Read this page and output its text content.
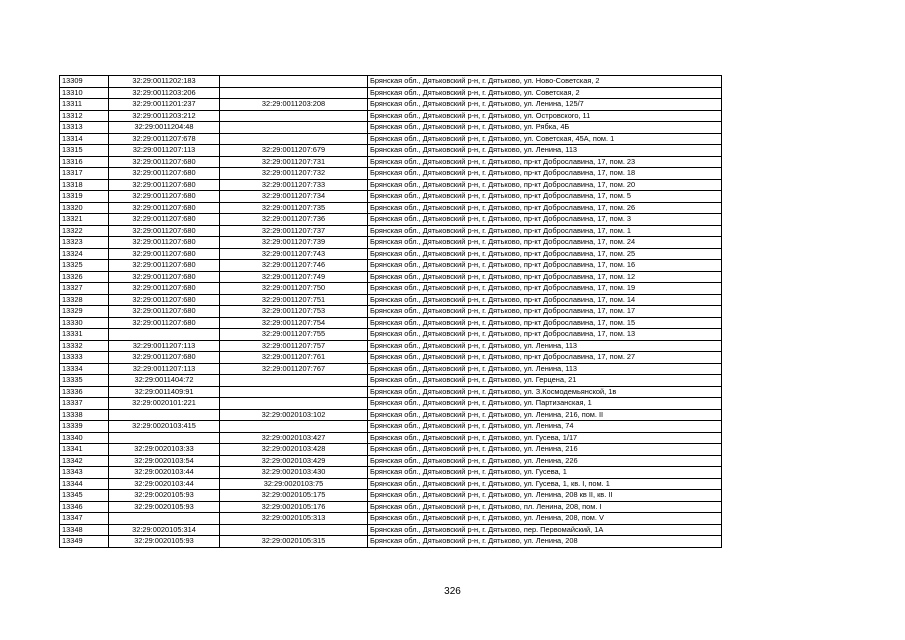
13309	32:29:0011202:183		Брянская обл., Дятьковский р-н, г. Дятьково, ул. Ново-Советская, 2
13310	32:29:0011203:206		Брянская обл., Дятьковский р-н, г. Дятьково, ул. Советская, 2
13311	32:29:0011201:237	32:29:0011203:208	Брянская обл., Дятьковский р-н, г. Дятьково, ул. Ленина, 125/7
13312	32:29:0011203:212		Брянская обл., Дятьковский р-н, г. Дятьково, ул. Островского, 11
13313	32:29:0011204:48		Брянская обл., Дятьковский р-н, г. Дятьково, ул. Рябка, 4Б
13314	32:29:0011207:678		Брянская обл., Дятьковский р-н, г. Дятьково, ул. Советская, 45А, пом. 1
13315	32:29:0011207:113	32:29:0011207:679	Брянская обл., Дятьковский р-н, г. Дятьково, ул. Ленина, 113
13316	32:29:0011207:680	32:29:0011207:731	Брянская обл., Дятьковский р-н, г. Дятьково, пр-кт Доброславина, 17, пом. 23
13317	32:29:0011207:680	32:29:0011207:732	Брянская обл., Дятьковский р-н, г. Дятьково, пр-кт Доброславина, 17, пом. 18
13318	32:29:0011207:680	32:29:0011207:733	Брянская обл., Дятьковский р-н, г. Дятьково, пр-кт Доброславина, 17, пом. 20
13319	32:29:0011207:680	32:29:0011207:734	Брянская обл., Дятьковский р-н, г. Дятьково, пр-кт Доброславина, 17, пом. 5
13320	32:29:0011207:680	32:29:0011207:735	Брянская обл., Дятьковский р-н, г. Дятьково, пр-кт Доброславина, 17, пом. 26
13321	32:29:0011207:680	32:29:0011207:736	Брянская обл., Дятьковский р-н, г. Дятьково, пр-кт Доброславина, 17, пом. 3
13322	32:29:0011207:680	32:29:0011207:737	Брянская обл., Дятьковский р-н, г. Дятьково, пр-кт Доброславина, 17, пом. 1
13323	32:29:0011207:680	32:29:0011207:739	Брянская обл., Дятьковский р-н, г. Дятьково, пр-кт Доброславина, 17, пом. 24
13324	32:29:0011207:680	32:29:0011207:743	Брянская обл., Дятьковский р-н, г. Дятьково, пр-кт Доброславина, 17, пом. 25
13325	32:29:0011207:680	32:29:0011207:746	Брянская обл., Дятьковский р-н, г. Дятьково, пр-кт Доброславина, 17, пом. 16
13326	32:29:0011207:680	32:29:0011207:749	Брянская обл., Дятьковский р-н, г. Дятьково, пр-кт Доброславина, 17, пом. 12
13327	32:29:0011207:680	32:29:0011207:750	Брянская обл., Дятьковский р-н, г. Дятьково, пр-кт Доброславина, 17, пом. 19
13328	32:29:0011207:680	32:29:0011207:751	Брянская обл., Дятьковский р-н, г. Дятьково, пр-кт Доброславина, 17, пом. 14
13329	32:29:0011207:680	32:29:0011207:753	Брянская обл., Дятьковский р-н, г. Дятьково, пр-кт Доброславина, 17, пом. 17
13330	32:29:0011207:680	32:29:0011207:754	Брянская обл., Дятьковский р-н, г. Дятьково, пр-кт Доброславина, 17, пом. 15
13331		32:29:0011207:755	Брянская обл., Дятьковский р-н, г. Дятьково, пр-кт Доброславина, 17, пом. 13
13332	32:29:0011207:113	32:29:0011207:757	Брянская обл., Дятьковский р-н, г. Дятьково, ул. Ленина, 113
13333	32:29:0011207:680	32:29:0011207:761	Брянская обл., Дятьковский р-н, г. Дятьково, пр-кт Доброславина, 17, пом. 27
13334	32:29:0011207:113	32:29:0011207:767	Брянская обл., Дятьковский р-н, г. Дятьково, ул. Ленина, 113
13335	32:29:0011404:72		Брянская обл., Дятьковский р-н, г. Дятьково, ул. Герцена, 21
13336	32:29:0011409:91		Брянская обл., Дятьковский р-н, г. Дятьково, ул. З.Космодемьянской, 1в
13337	32:29:0020101:221		Брянская обл., Дятьковский р-н, г. Дятьково, ул. Партизанская, 1
13338		32:29:0020103:102	Брянская обл., Дятьковский р-н, г. Дятьково, ул. Ленина, 216, пом. II
13339	32:29:0020103:415		Брянская обл., Дятьковский р-н, г. Дятьково, ул. Ленина, 74
13340		32:29:0020103:427	Брянская обл., Дятьковский р-н, г. Дятьково, ул. Гусева, 1/17
13341	32:29:0020103:33	32:29:0020103:428	Брянская обл., Дятьковский р-н, г. Дятьково, ул. Ленина, 216
13342	32:29:0020103:54	32:29:0020103:429	Брянская обл., Дятьковский р-н, г. Дятьково, ул. Ленина, 226
13343	32:29:0020103:44	32:29:0020103:430	Брянская обл., Дятьковский р-н, г. Дятьково, ул. Гусева, 1
13344	32:29:0020103:44	32:29:0020103:75	Брянская обл., Дятьковский р-н, г. Дятьково, ул. Гусева, 1, кв. I, пом. 1
13345	32:29:0020105:93	32:29:0020105:175	Брянская обл., Дятьковский р-н, г. Дятьково, ул. Ленина, 208 кв II, кв. II
13346	32:29:0020105:93	32:29:0020105:176	Брянская обл., Дятьковский р-н, г. Дятьково, пл. Ленина, 208, пом. I
13347		32:29:0020105:313	Брянская обл., Дятьковский р-н, г. Дятьково, ул. Ленина, 208, пом. V
13348	32:29:0020105:314		Брянская обл., Дятьковский р-н, г. Дятьково, пер. Первомайский, 1А
13349	32:29:0020105:93	32:29:0020105:315	Брянская обл., Дятьковский р-н, г. Дятьково, ул. Ленина, 208
326
